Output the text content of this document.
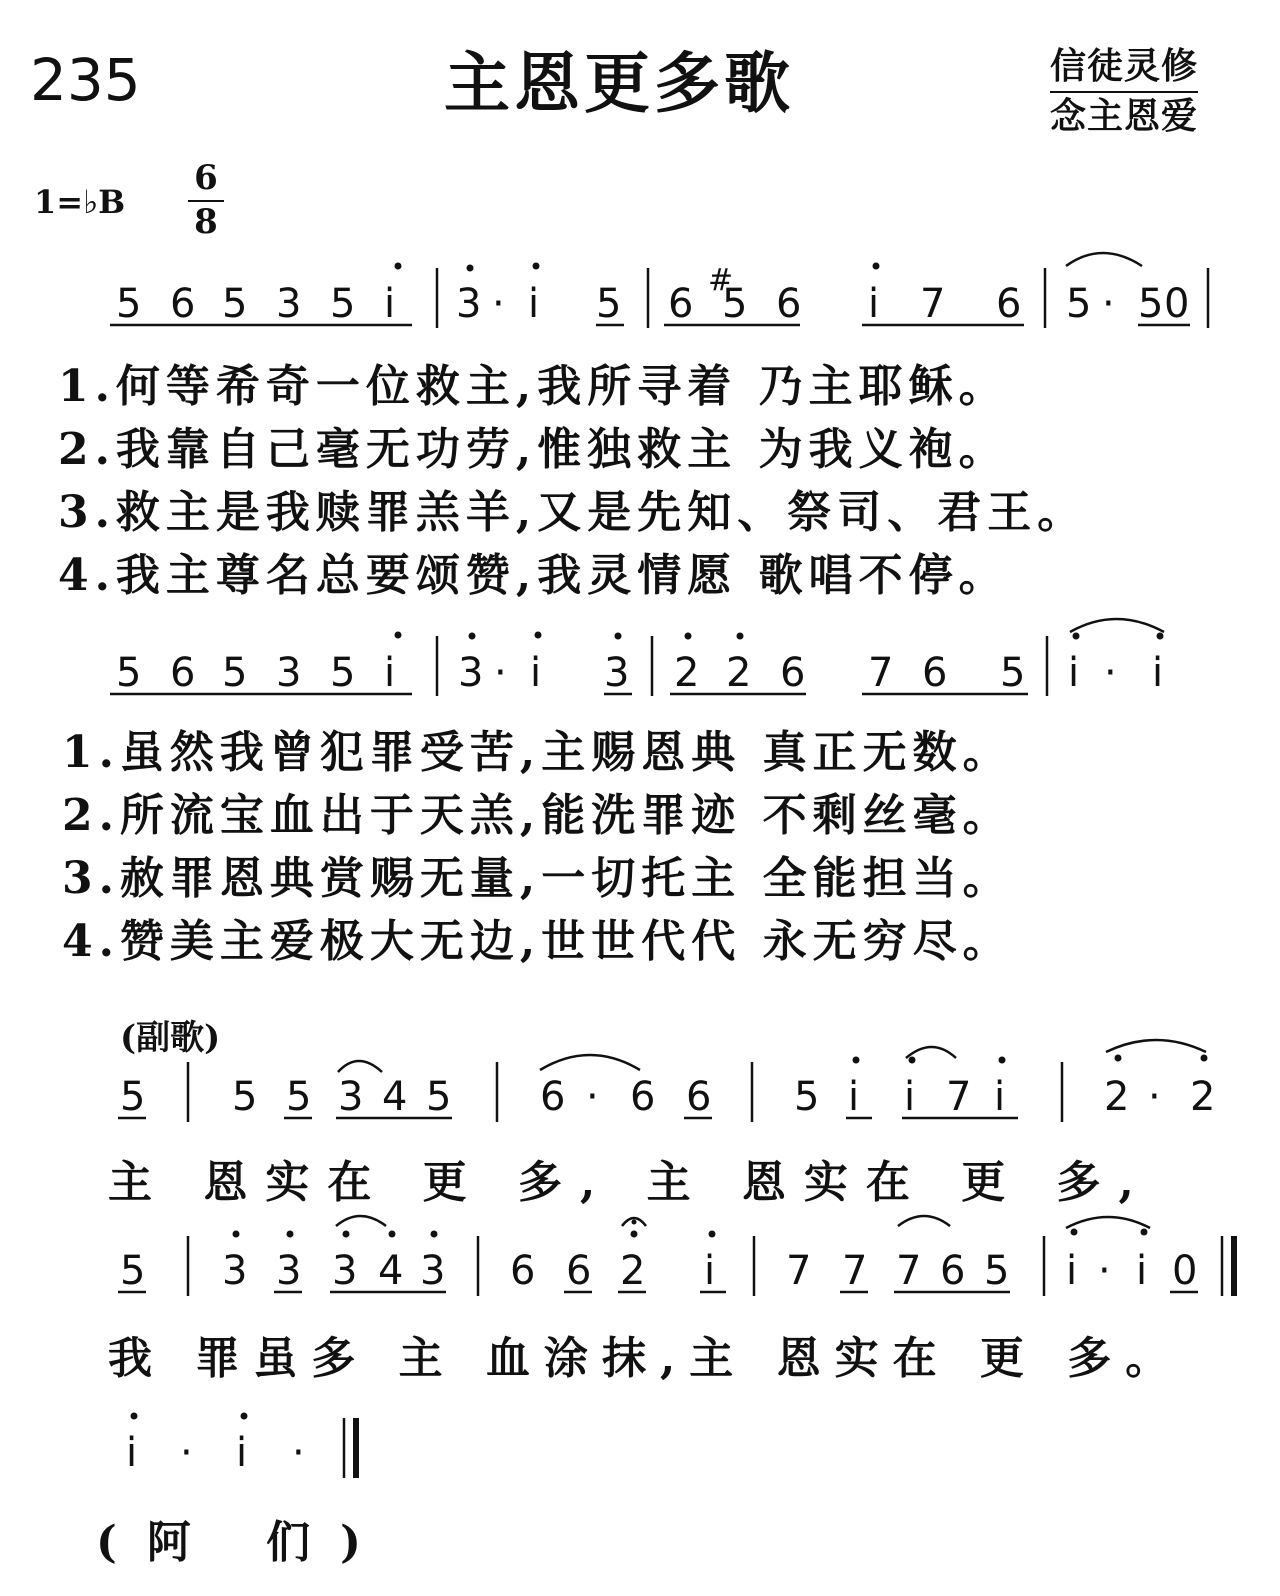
235	主恩更多歌	信徒灵修
念主恩爱
1=♭B
6
8
5 6 5 3 5 i 3 · i 5 6
#
5 6 i 7 6 5 · 5 0
5 6 5 3 5 i 3 · i 3 2 2 6 7 6 5 i · i
5 5 5 3 4 5 6 · 6 6 5 i i 7 i 2 · 2
5 3 3 3 4 3 6 6 2 i 7 7 7 6 5 i · i 0
i · i ·
1.何等希奇一位救主,我所寻着 乃主耶稣。
2.我靠自己毫无功劳,惟独救主 为我义袍。
3.救主是我赎罪羔羊,又是先知、祭司、君王。
4.我主尊名总要颂赞,我灵情愿 歌唱不停。
1.虽然我曾犯罪受苦,主赐恩典 真正无数。
2.所流宝血出于天羔,能洗罪迹 不剩丝毫。
3.赦罪恩典赏赐无量,一切托主 全能担当。
4.赞美主爱极大无边,世世代代 永无穷尽。
(副歌)
主 恩实在 更 多, 主 恩实在 更 多,
我 罪虽多 主 血涂抹,主 恩实在 更 多。
(阿 们)
